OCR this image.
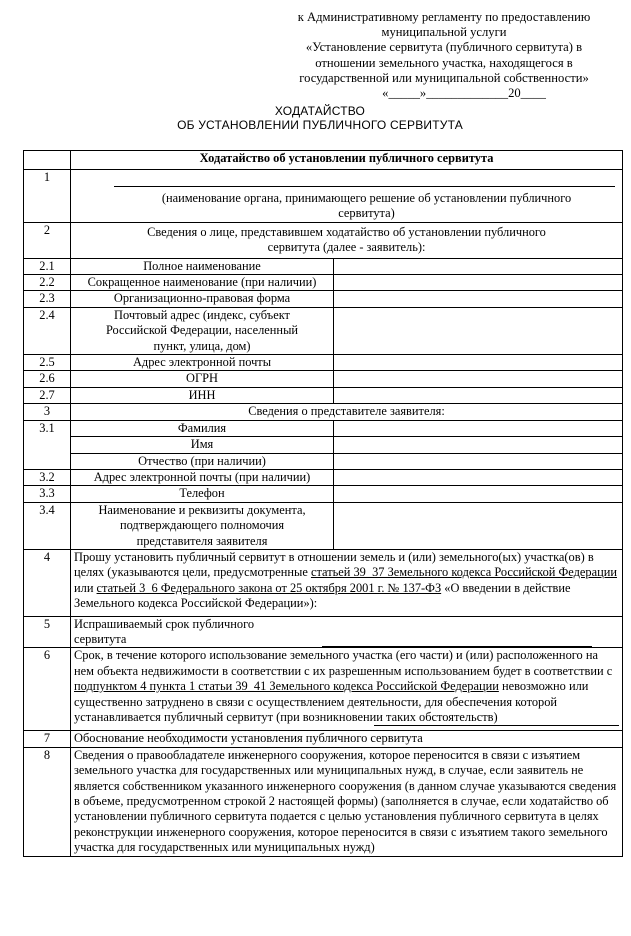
к Административному регламенту по предоставлению
муниципальной услуги
«Установление сервитута (публичного сервитута) в
отношении земельного участка, находящегося в
государственной или муниципальной собственности»
«_____»_____________20____
ХОДАТАЙСТВО
ОБ УСТАНОВЛЕНИИ ПУБЛИЧНОГО СЕРВИТУТА
	Ходатайство об установлении публичного сервитута	
1	(наименование органа, принимающего решение об установлении публичного сервитута)	

2	Сведения о лице, представившем ходатайство об установлении публичного сервитута (далее - заявитель):	
2.1	Полное наименование	
2.2	Сокращенное наименование (при наличии)	
2.3	Организационно-правовая форма	
2.4	Почтовый адрес (индекс, субъект Российской Федерации, населенный пункт, улица, дом)	
2.5	Адрес электронной почты	
2.6	ОГРН	
2.7	ИНН	
3	Сведения о представителе заявителя:	
3.1	Фамилия	
	Имя	
	Отчество (при наличии)	
3.2	Адрес электронной почты (при наличии)	
3.3	Телефон	
3.4	Наименование и реквизиты документа, подтверждающего полномочия представителя заявителя	
4	Прошу установить публичный сервитут в отношении земель и (или) земельного(ых) участка(ов) в целях (указываются цели, предусмотренные статьей 39_37 Земельного кодекса Российской Федерации или статьей 3_6 Федерального закона от 25 октября 2001 г. № 137-ФЗ «О введении в действие Земельного кодекса Российской Федерации»):	
5	Испрашиваемый срок публичного
сервитута	

6	Срок, в течение которого использование земельного участка (его части) и (или) расположенного на нем объекта недвижимости в соответствии с их разрешенным использованием будет в соответствии с подпунктом 4 пункта 1 статьи 39_41 Земельного кодекса Российской Федерации невозможно или существенно затруднено в связи с осуществлением деятельности, для обеспечения которой устанавливается публичный сервитут (при возникновении таких обстоятельств)	

7	Обоснование необходимости установления публичного сервитута	
8	Сведения о правообладателе инженерного сооружения, которое переносится в связи с изъятием земельного участка для государственных или муниципальных нужд, в случае, если заявитель не является собственником указанного инженерного сооружения (в данном случае указываются сведения в объеме, предусмотренном строкой 2 настоящей формы) (заполняется в случае, если ходатайство об установлении публичного сервитута подается с целью установления публичного сервитута в целях реконструкции инженерного сооружения, которое переносится в связи с изъятием такого земельного участка для государственных или муниципальных нужд)	
